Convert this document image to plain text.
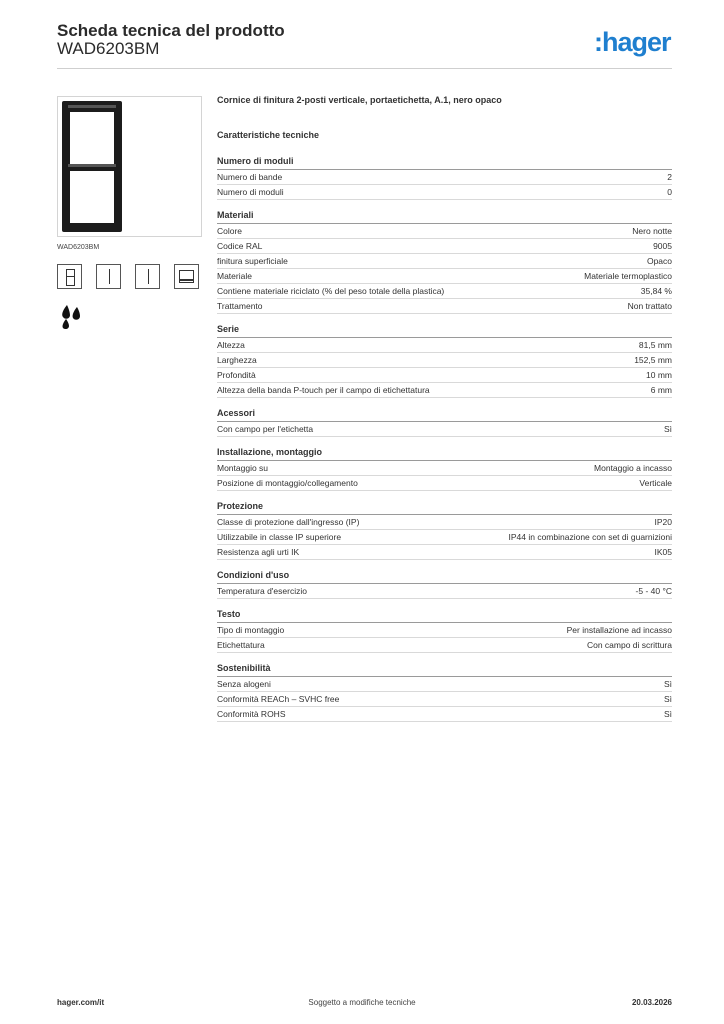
Scheda tecnica del prodotto
WAD6203BM	:hager
WAD6203BM
Cornice di finitura 2-posti verticale, portaetichetta, A.1, nero opaco
Caratteristiche tecniche
Numero di moduli
Numero di bande	2
Numero di moduli	0
Materiali
Colore	Nero notte
Codice RAL	9005
finitura superficiale	Opaco
Materiale	Materiale termoplastico
Contiene materiale riciclato (% del peso totale della plastica)	35,84 %
Trattamento	Non trattato
Serie
Altezza	81,5 mm
Larghezza	152,5 mm
Profondità	10 mm
Altezza della banda P-touch per il campo di etichettatura	6 mm
Acessori
Con campo per l'etichetta	Sì
Installazione, montaggio
Montaggio su	Montaggio a incasso
Posizione di montaggio/collegamento	Verticale
Protezione
Classe di protezione dall'ingresso (IP)	IP20
Utilizzabile in classe IP superiore	IP44 in combinazione con set di guarnizioni
Resistenza agli urti IK	IK05
Condizioni d'uso
Temperatura d'esercizio	-5 - 40 °C
Testo
Tipo di montaggio	Per installazione ad incasso
Etichettatura	Con campo di scrittura
Sostenibilità
Senza alogeni	Sì
Conformità REACh – SVHC free	Sì
Conformità ROHS	Sì
hager.com/it	Soggetto a modifiche tecniche	20.03.2026
